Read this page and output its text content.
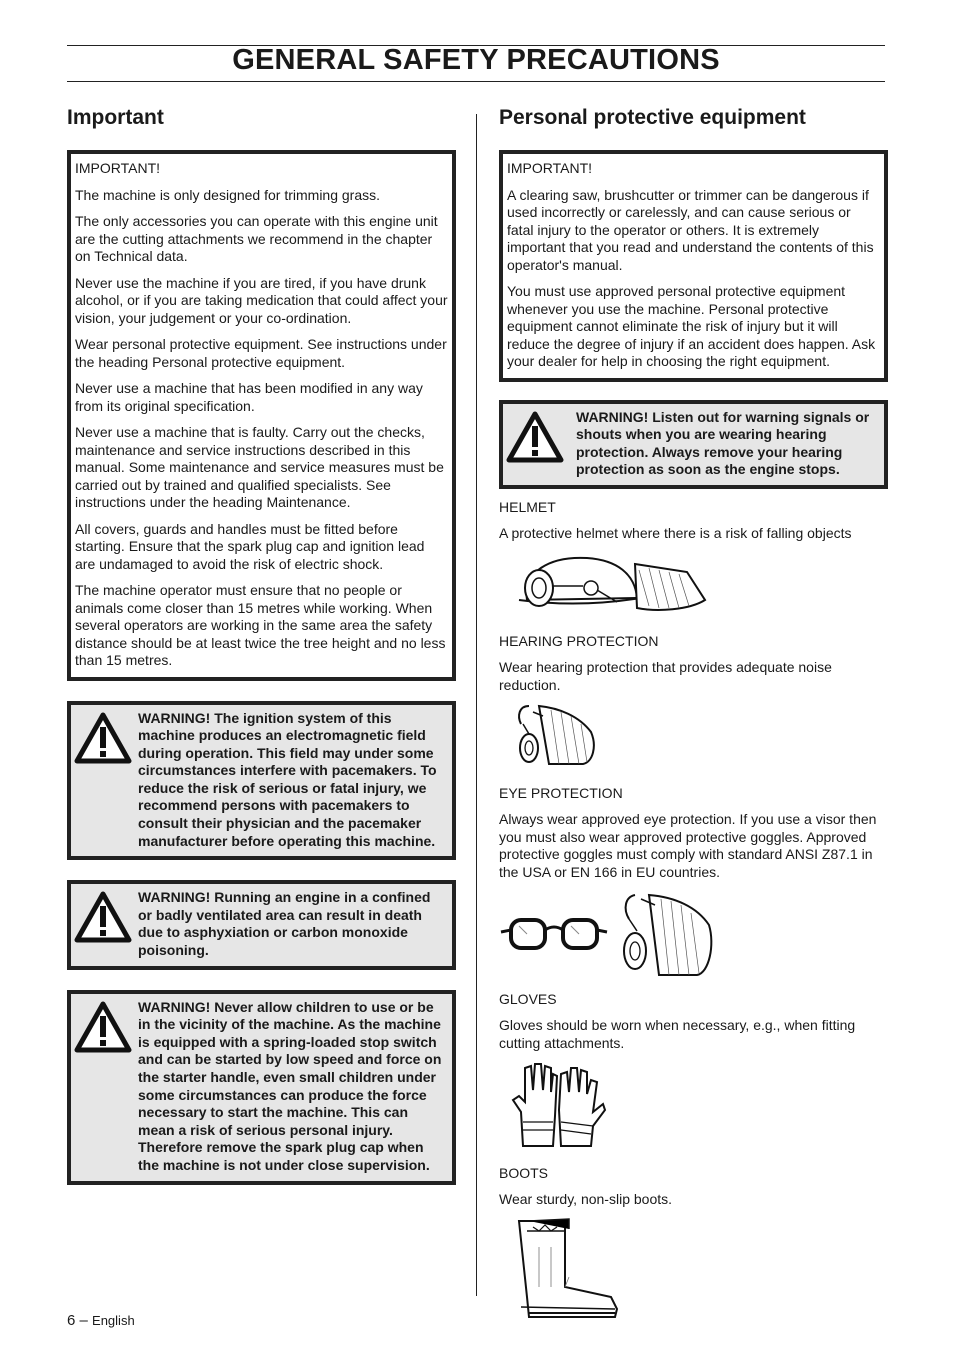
GENERAL SAFETY PRECAUTIONS
Important

IMPORTANT!

The machine is only designed for trimming grass.

The only accessories you can operate with this engine unit are the cutting attachments we recommend in the chapter on Technical data.

Never use the machine if you are tired, if you have drunk alcohol, or if you are taking medication that could affect your vision, your judgement or your co-ordination.

Wear personal protective equipment. See instructions under the heading Personal protective equipment.

Never use a machine that has been modified in any way from its original specification.

Never use a machine that is faulty. Carry out the checks, maintenance and service instructions described in this manual. Some maintenance and service measures must be carried out by trained and qualified specialists. See instructions under the heading Maintenance.

All covers, guards and handles must be fitted before starting. Ensure that the spark plug cap and ignition lead are undamaged to avoid the risk of electric shock.

The machine operator must ensure that no people or animals come closer than 15 metres while working. When several operators are working in the same area the safety distance should be at least twice the tree height and no less than 15 metres.

WARNING! The ignition system of this machine produces an electromagnetic field during operation. This field may under some circumstances interfere with pacemakers. To reduce the risk of serious or fatal injury, we recommend persons with pacemakers to consult their physician and the pacemaker manufacturer before operating this machine.
WARNING! Running an engine in a confined or badly ventilated area can result in death due to asphyxiation or carbon monoxide poisoning.
WARNING! Never allow children to use or be in the vicinity of the machine. As the machine is equipped with a spring-loaded stop switch and can be started by low speed and force on the starter handle, even small children under some circumstances can produce the force necessary to start the machine. This can mean a risk of serious personal injury. Therefore remove the spark plug cap when the machine is not under close supervision.
Personal protective equipment

IMPORTANT!

A clearing saw, brushcutter or trimmer can be dangerous if used incorrectly or carelessly, and can cause serious or fatal injury to the operator or others. It is extremely important that you read and understand the contents of this operator's manual.

You must use approved personal protective equipment whenever you use the machine. Personal protective equipment cannot eliminate the risk of injury but it will reduce the degree of injury if an accident does happen. Ask your dealer for help in choosing the right equipment.

WARNING! Listen out for warning signals or shouts when you are wearing hearing protection. Always remove your hearing protection as soon as the engine stops.
HELMET
A protective helmet where there is a risk of falling objects
HEARING PROTECTION
Wear hearing protection that provides adequate noise reduction.
EYE PROTECTION
Always wear approved eye protection. If you use a visor then you must also wear approved protective goggles. Approved protective goggles must comply with standard ANSI Z87.1 in the USA or EN 166 in EU countries.
GLOVES
Gloves should be worn when necessary, e.g., when fitting cutting attachments.
BOOTS
Wear sturdy, non-slip boots.
6 – English
